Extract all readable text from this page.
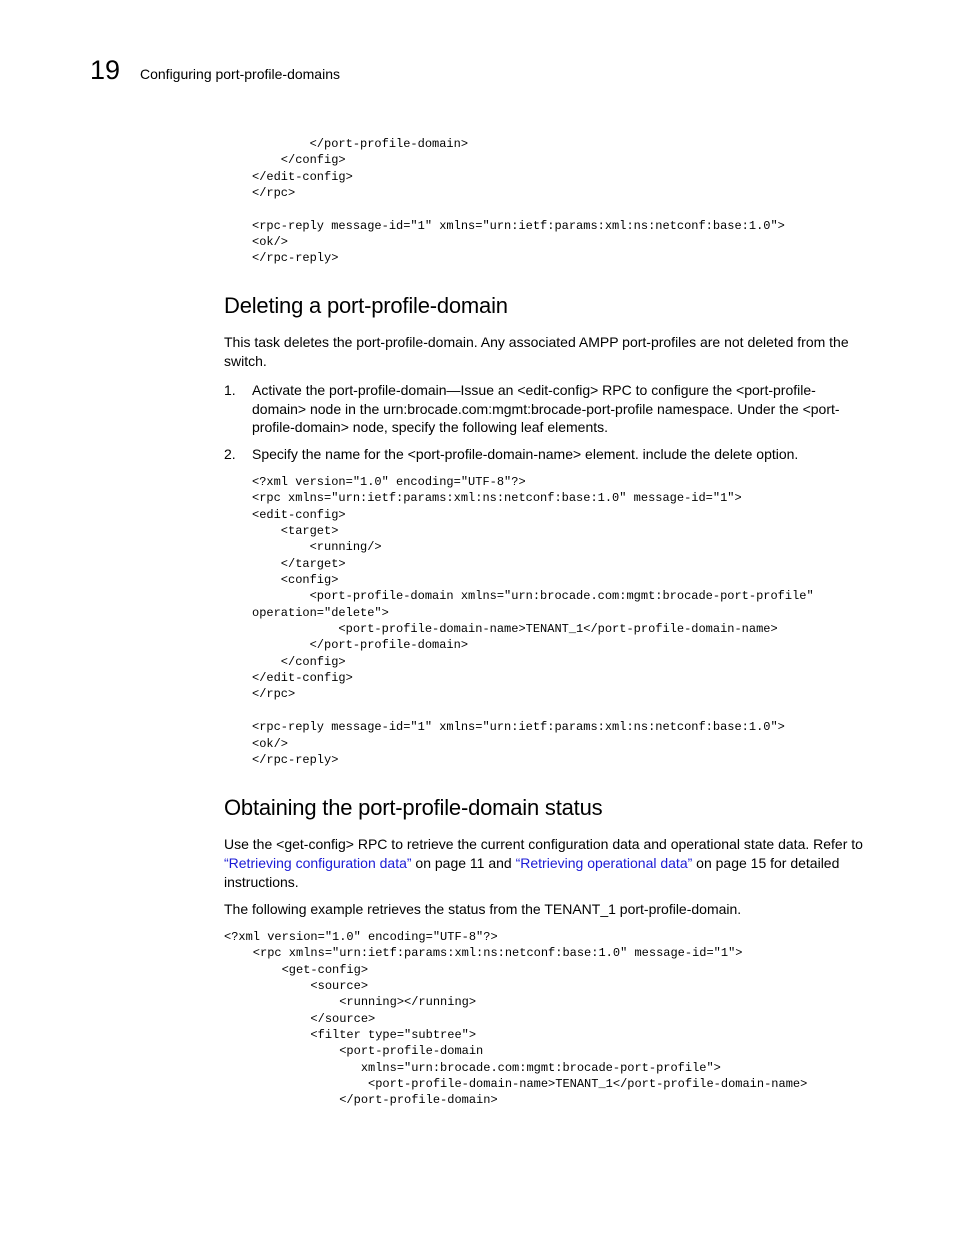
19 Configuring port-profile-domains
</port-profile-domain>
</config>
</edit-config>
</rpc>

<rpc-reply message-id="1" xmlns="urn:ietf:params:xml:ns:netconf:base:1.0">
<ok/>
</rpc-reply>
Deleting a port-profile-domain

This task deletes the port-profile-domain. Any associated AMPP port-profiles are not deleted from the switch.

1. Activate the port-profile-domain—Issue an <edit-config> RPC to configure the <port-profile-domain> node in the urn:brocade.com:mgmt:brocade-port-profile namespace. Under the <port-profile-domain> node, specify the following leaf elements.

2. Specify the name for the <port-profile-domain-name> element. include the delete option.

<?xml version="1.0" encoding="UTF-8"?>
<rpc xmlns="urn:ietf:params:xml:ns:netconf:base:1.0" message-id="1">
<edit-config>
<target>
<running/>
</target>
<config>
<port-profile-domain xmlns="urn:brocade.com:mgmt:brocade-port-profile"
operation="delete">
<port-profile-domain-name>TENANT_1</port-profile-domain-name>
</port-profile-domain>
</config>
</edit-config>
</rpc>

<rpc-reply message-id="1" xmlns="urn:ietf:params:xml:ns:netconf:base:1.0">
<ok/>
</rpc-reply>
Obtaining the port-profile-domain status

Use the <get-config> RPC to retrieve the current configuration data and operational state data. Refer to “Retrieving configuration data” on page 11 and “Retrieving operational data” on page 15 for detailed instructions.

The following example retrieves the status from the TENANT_1 port-profile-domain.

<?xml version="1.0" encoding="UTF-8"?>
<rpc xmlns="urn:ietf:params:xml:ns:netconf:base:1.0" message-id="1">
<get-config>
<source>
<running></running>
</source>
<filter type="subtree">
<port-profile-domain
xmlns="urn:brocade.com:mgmt:brocade-port-profile">
<port-profile-domain-name>TENANT_1</port-profile-domain-name>
</port-profile-domain>
